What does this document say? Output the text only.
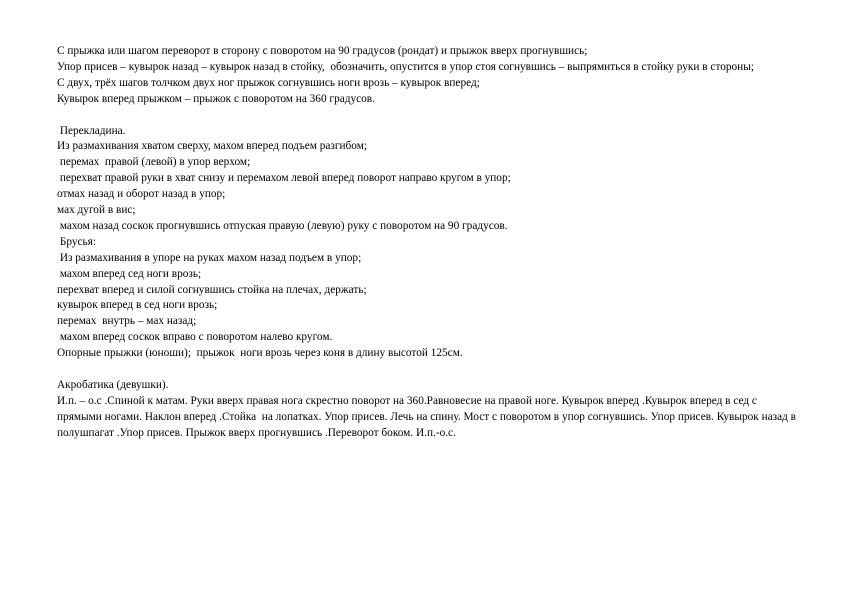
С прыжка или шагом переворот в сторону с поворотом на 90 градусов (рондат) и прыжок вверх прогнувшись;

Упор присев – кувырок назад – кувырок назад в стойку,  обозначить, опустится в упор стоя согнувшись – выпрямиться в стойку руки в стороны;

С двух, трёх шагов толчком двух ног прыжок согнувшись ноги врозь – кувырок вперед;

Кувырок вперед прыжком – прыжок с поворотом на 360 градусов.

Перекладина.

Из размахивания хватом сверху, махом вперед подъем разгибом;

перемах  правой (левой) в упор верхом;

перехват правой руки в хват снизу и перемахом левой вперед поворот направо кругом в упор;

отмах назад и оборот назад в упор;

мах дугой в вис;

махом назад соскок прогнувшись отпуская правую (левую) руку с поворотом на 90 градусов.

Брусья:

Из размахивания в упоре на руках махом назад подъем в упор;

махом вперед сед ноги врозь;

перехват вперед и силой согнувшись стойка на плечах, держать;

кувырок вперед в сед ноги врозь;

перемах  внутрь – мах назад;

махом вперед соскок вправо с поворотом налево кругом.

Опорные прыжки (юноши);  прыжок  ноги врозь через коня в длину высотой 125см.

Акробатика (девушки).

И.п. – о.с .Спиной к матам. Руки вверх правая нога скрестно поворот на 360.Равновесие на правой ноге. Кувырок вперед .Кувырок вперед в сед с прямыми ногами. Наклон вперед .Стойка  на лопатках. Упор присев. Лечь на спину. Мост с поворотом в упор согнувшись. Упор присев. Кувырок назад в полушпагат .Упор присев. Прыжок вверх прогнувшись .Переворот боком. И.п.-о.с.
